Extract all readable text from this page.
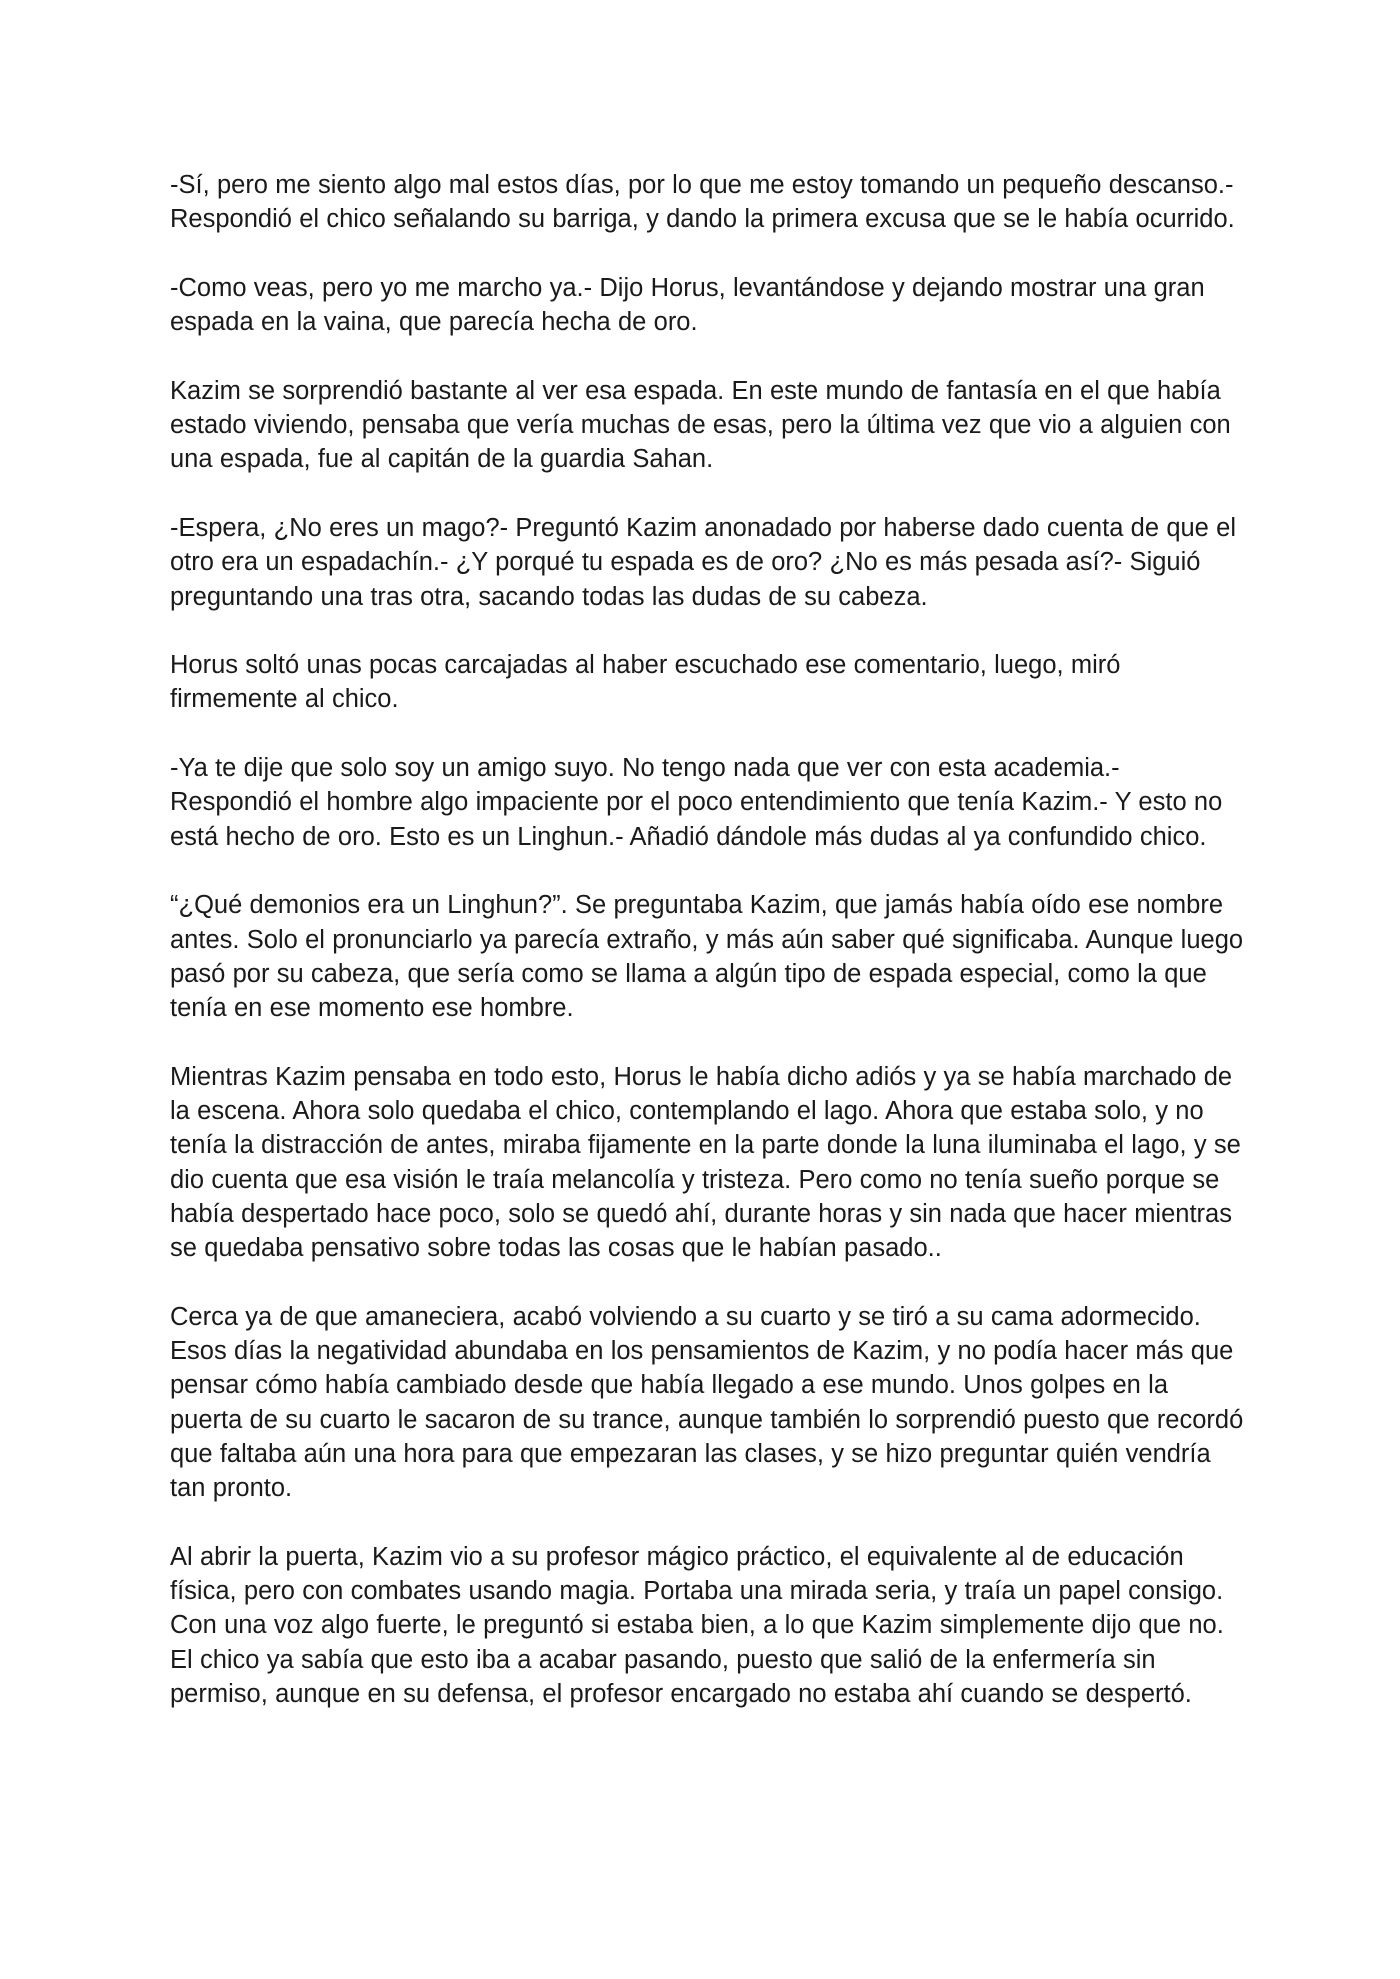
-Sí, pero me siento algo mal estos días, por lo que me estoy tomando un pequeño descanso.- Respondió el chico señalando su barriga, y dando la primera excusa que se le había ocurrido.

-Como veas, pero yo me marcho ya.- Dijo Horus, levantándose y dejando mostrar una gran espada en la vaina, que parecía hecha de oro.

Kazim se sorprendió bastante al ver esa espada. En este mundo de fantasía en el que había estado viviendo, pensaba que vería muchas de esas, pero la última vez que vio a alguien con una espada, fue al capitán de la guardia Sahan.

-Espera, ¿No eres un mago?- Preguntó Kazim anonadado por haberse dado cuenta de que el otro era un espadachín.- ¿Y porqué tu espada es de oro? ¿No es más pesada así?- Siguió preguntando una tras otra, sacando todas las dudas de su cabeza.

Horus soltó unas pocas carcajadas al haber escuchado ese comentario, luego, miró firmemente al chico.

-Ya te dije que solo soy un amigo suyo. No tengo nada que ver con esta academia.- Respondió el hombre algo impaciente por el poco entendimiento que tenía Kazim.- Y esto no está hecho de oro. Esto es un Linghun.- Añadió dándole más dudas al ya confundido chico.

“¿Qué demonios era un Linghun?”. Se preguntaba Kazim, que jamás había oído ese nombre antes. Solo el pronunciarlo ya parecía extraño, y más aún saber qué significaba. Aunque luego pasó por su cabeza, que sería como se llama a algún tipo de espada especial, como la que tenía en ese momento ese hombre.

Mientras Kazim pensaba en todo esto, Horus le había dicho adiós y ya se había marchado de la escena. Ahora solo quedaba el chico, contemplando el lago. Ahora que estaba solo, y no tenía la distracción de antes, miraba fijamente en la parte donde la luna iluminaba el lago, y se dio cuenta que esa visión le traía melancolía y tristeza. Pero como no tenía sueño porque se había despertado hace poco, solo se quedó ahí, durante horas y sin nada que hacer mientras se quedaba pensativo sobre todas las cosas que le habían pasado..

Cerca ya de que amaneciera, acabó volviendo a su cuarto y se tiró a su cama adormecido. Esos días la negatividad abundaba en los pensamientos de Kazim, y no podía hacer más que pensar cómo había cambiado desde que había llegado a ese mundo. Unos golpes en la puerta de su cuarto le sacaron de su trance, aunque también lo sorprendió puesto que recordó que faltaba aún una hora para que empezaran las clases, y se hizo preguntar quién vendría tan pronto.

Al abrir la puerta, Kazim vio a su profesor mágico práctico, el equivalente al de educación física, pero con combates usando magia. Portaba una mirada seria, y traía un papel consigo. Con una voz algo fuerte, le preguntó si estaba bien, a lo que Kazim simplemente dijo que no. El chico ya sabía que esto iba a acabar pasando, puesto que salió de la enfermería sin permiso, aunque en su defensa, el profesor encargado no estaba ahí cuando se despertó.
